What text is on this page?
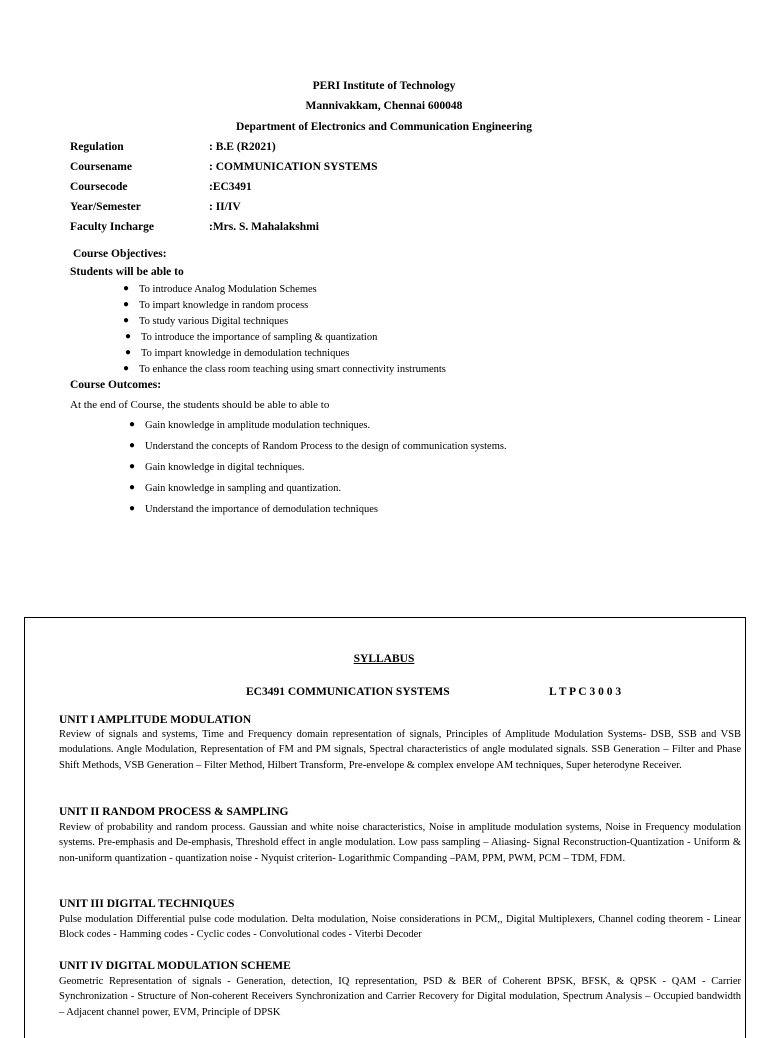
PERI Institute of Technology
Mannivakkam, Chennai 600048
Department of Electronics and Communication Engineering
Regulation	: B.E (R2021)
Coursename	: COMMUNICATION SYSTEMS
Coursecode	:EC3491
Year/Semester	: II/IV
Faculty Incharge	:Mrs. S. Mahalakshmi
Course Objectives:
Students will be able to
● To introduce Analog Modulation Schemes
● To impart knowledge in random process
● To study various Digital techniques
● To introduce the importance of sampling & quantization
● To impart knowledge in demodulation techniques
● To enhance the class room teaching using smart connectivity instruments
Course Outcomes:
At the end of Course, the students should be able to able to
● Gain knowledge in amplitude modulation techniques.
● Understand the concepts of Random Process to the design of communication systems.
● Gain knowledge in digital techniques.
● Gain knowledge in sampling and quantization.
● Understand the importance of demodulation techniques
SYLLABUS
EC3491 COMMUNICATION SYSTEMS	L T P C 3 0 0 3
UNIT I AMPLITUDE MODULATION
Review of signals and systems, Time and Frequency domain representation of signals, Principles of Amplitude Modulation Systems- DSB, SSB and VSB modulations. Angle Modulation, Representation of FM and PM signals, Spectral characteristics of angle modulated signals. SSB Generation – Filter and Phase Shift Methods, VSB Generation – Filter Method, Hilbert Transform, Pre-envelope & complex envelope AM techniques, Super heterodyne Receiver.
UNIT II RANDOM PROCESS & SAMPLING
Review of probability and random process. Gaussian and white noise characteristics, Noise in amplitude modulation systems, Noise in Frequency modulation systems. Pre-emphasis and De-emphasis, Threshold effect in angle modulation. Low pass sampling – Aliasing- Signal Reconstruction-Quantization - Uniform & non-uniform quantization - quantization noise - Nyquist criterion- Logarithmic Companding –PAM, PPM, PWM, PCM – TDM, FDM.
UNIT III DIGITAL TECHNIQUES
Pulse modulation Differential pulse code modulation. Delta modulation, Noise considerations in PCM,, Digital Multiplexers, Channel coding theorem - Linear Block codes - Hamming codes - Cyclic codes - Convolutional codes - Viterbi Decoder
UNIT IV DIGITAL MODULATION SCHEME
Geometric Representation of signals - Generation, detection, IQ representation, PSD & BER of Coherent BPSK, BFSK, & QPSK - QAM - Carrier Synchronization - Structure of Non-coherent Receivers Synchronization and Carrier Recovery for Digital modulation, Spectrum Analysis – Occupied bandwidth – Adjacent channel power, EVM, Principle of DPSK
